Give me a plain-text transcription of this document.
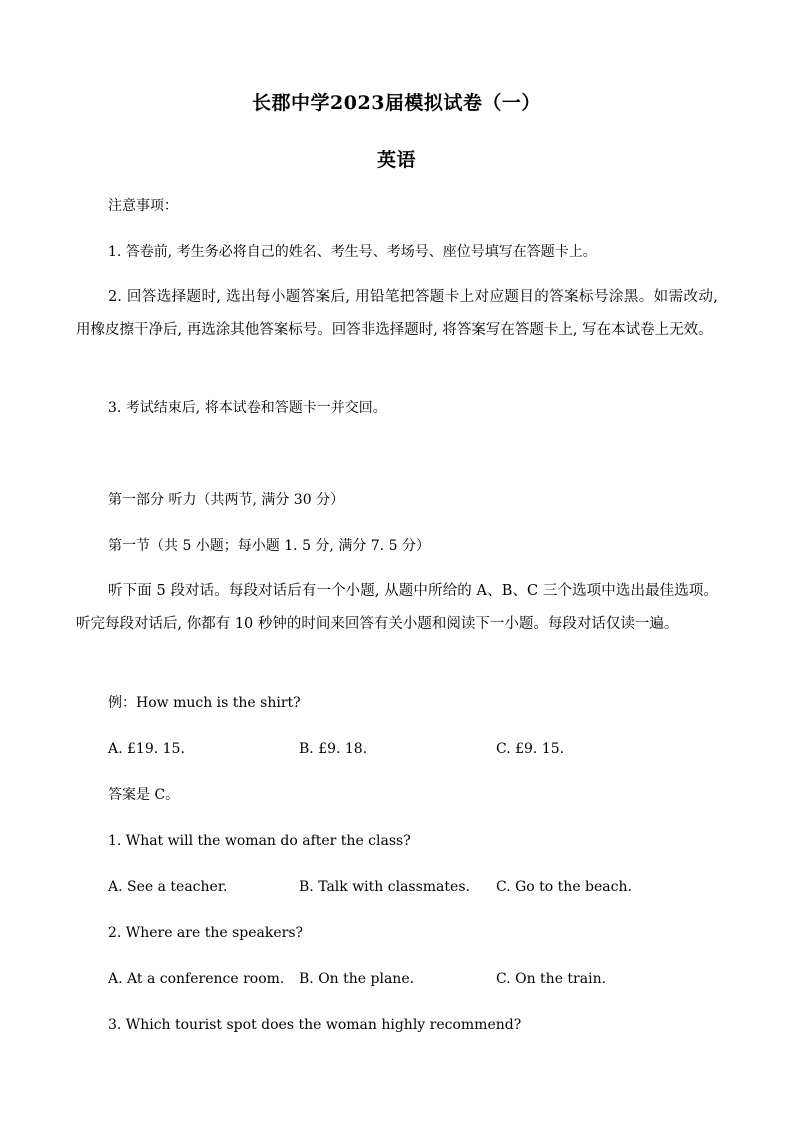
长郡中学2023届模拟试卷（一）
英语
注意事项：
1. 答卷前, 考生务必将自己的姓名、考生号、考场号、座位号填写在答题卡上。
2. 回答选择题时, 选出每小题答案后, 用铅笔把答题卡上对应题目的答案标号涂黑。如需改动, 用橡皮擦干净后, 再选涂其他答案标号。回答非选择题时, 将答案写在答题卡上, 写在本试卷上无效。
3. 考试结束后, 将本试卷和答题卡一并交回。
第一部分 听力（共两节, 满分 30 分）
第一节（共 5 小题；每小题 1. 5 分, 满分 7. 5 分）
听下面 5 段对话。每段对话后有一个小题, 从题中所给的 A、B、C 三个选项中选出最佳选项。听完每段对话后, 你都有 10 秒钟的时间来回答有关小题和阅读下一小题。每段对话仅读一遍。
例：How much is the shirt?
A. £19. 15.	B. £9. 18.	C. £9. 15.
答案是 C。
1. What will the woman do after the class?
A. See a teacher.	B. Talk with classmates. C. Go to the beach.
2. Where are the speakers?
A. At a conference room. B. On the plane.	C. On the train.
3. Which tourist spot does the woman highly recommend?
